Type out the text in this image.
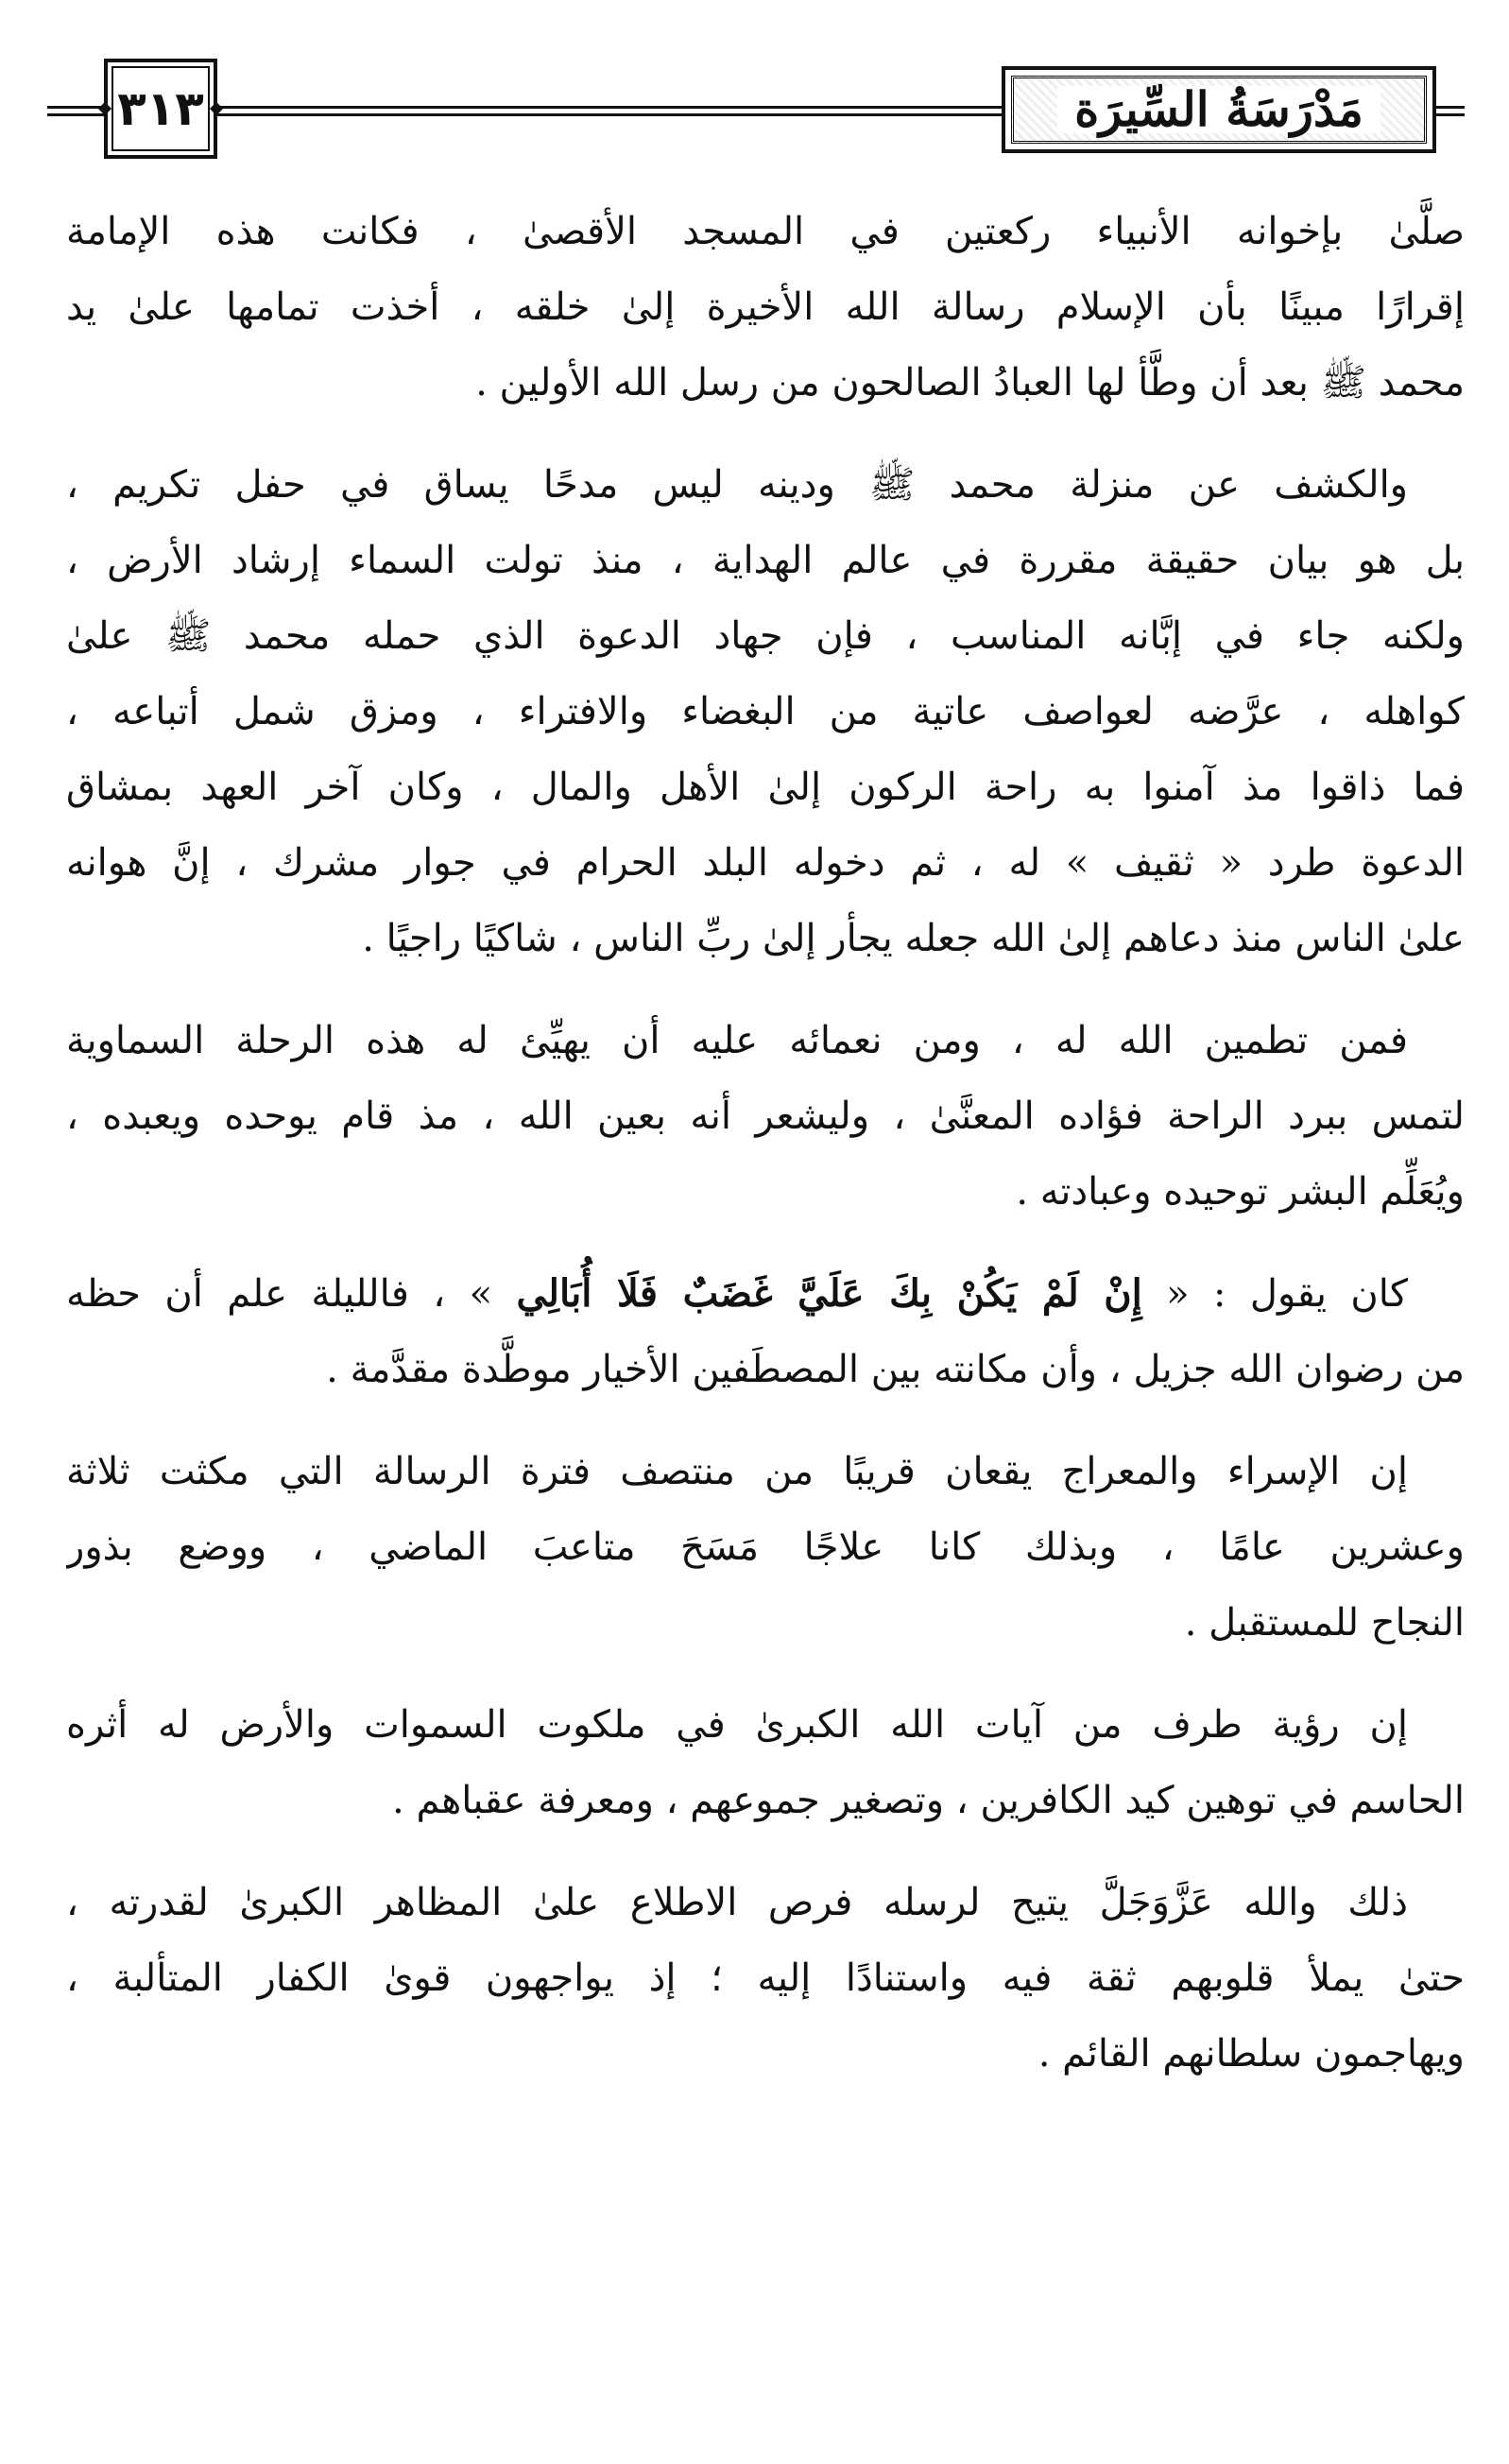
٣١٣	مَدْرَسَةُ السِّيرَة
صلَّىٰ بإخوانه الأنبياء ركعتين في المسجد الأقصىٰ ، فكانت هذه الإمامة
إقرارًا مبينًا بأن الإسلام رسالة الله الأخيرة إلىٰ خلقه ، أخذت تمامها علىٰ يد
محمد ﷺ بعد أن وطَّأ لها العبادُ الصالحون من رسل الله الأولين .
والكشف عن منزلة محمد ﷺ ودينه ليس مدحًا يساق في حفل تكريم ،
بل هو بيان حقيقة مقررة في عالم الهداية ، منذ تولت السماء إرشاد الأرض ،
ولكنه جاء في إبَّانه المناسب ، فإن جهاد الدعوة الذي حمله محمد ﷺ علىٰ
كواهله ، عرَّضه لعواصف عاتية من البغضاء والافتراء ، ومزق شمل أتباعه ،
فما ذاقوا مذ آمنوا به راحة الركون إلىٰ الأهل والمال ، وكان آخر العهد بمشاق
الدعوة طرد « ثقيف » له ، ثم دخوله البلد الحرام في جوار مشرك ، إنَّ هوانه
علىٰ الناس منذ دعاهم إلىٰ الله جعله يجأر إلىٰ ربِّ الناس ، شاكيًا راجيًا .
فمن تطمين الله له ، ومن نعمائه عليه أن يهيِّئ له هذه الرحلة السماوية
لتمس ببرد الراحة فؤاده المعنَّىٰ ، وليشعر أنه بعين الله ، مذ قام يوحده ويعبده ،
ويُعَلِّم البشر توحيده وعبادته .
كان يقول : « إِنْ لَمْ يَكُنْ بِكَ عَلَيَّ غَضَبٌ فَلَا أُبَالِي » ، فالليلة علم أن حظه
من رضوان الله جزيل ، وأن مكانته بين المصطَفين الأخيار موطَّدة مقدَّمة .
إن الإسراء والمعراج يقعان قريبًا من منتصف فترة الرسالة التي مكثت ثلاثة
وعشرين عامًا ، وبذلك كانا علاجًا مَسَحَ متاعبَ الماضي ، ووضع بذور
النجاح للمستقبل .
إن رؤية طرف من آيات الله الكبرىٰ في ملكوت السموات والأرض له أثره
الحاسم في توهين كيد الكافرين ، وتصغير جموعهم ، ومعرفة عقباهم .
ذلك والله عَزَّوَجَلَّ يتيح لرسله فرص الاطلاع علىٰ المظاهر الكبرىٰ لقدرته ،
حتىٰ يملأ قلوبهم ثقة فيه واستنادًا إليه ؛ إذ يواجهون قوىٰ الكفار المتألبة ،
ويهاجمون سلطانهم القائم .
